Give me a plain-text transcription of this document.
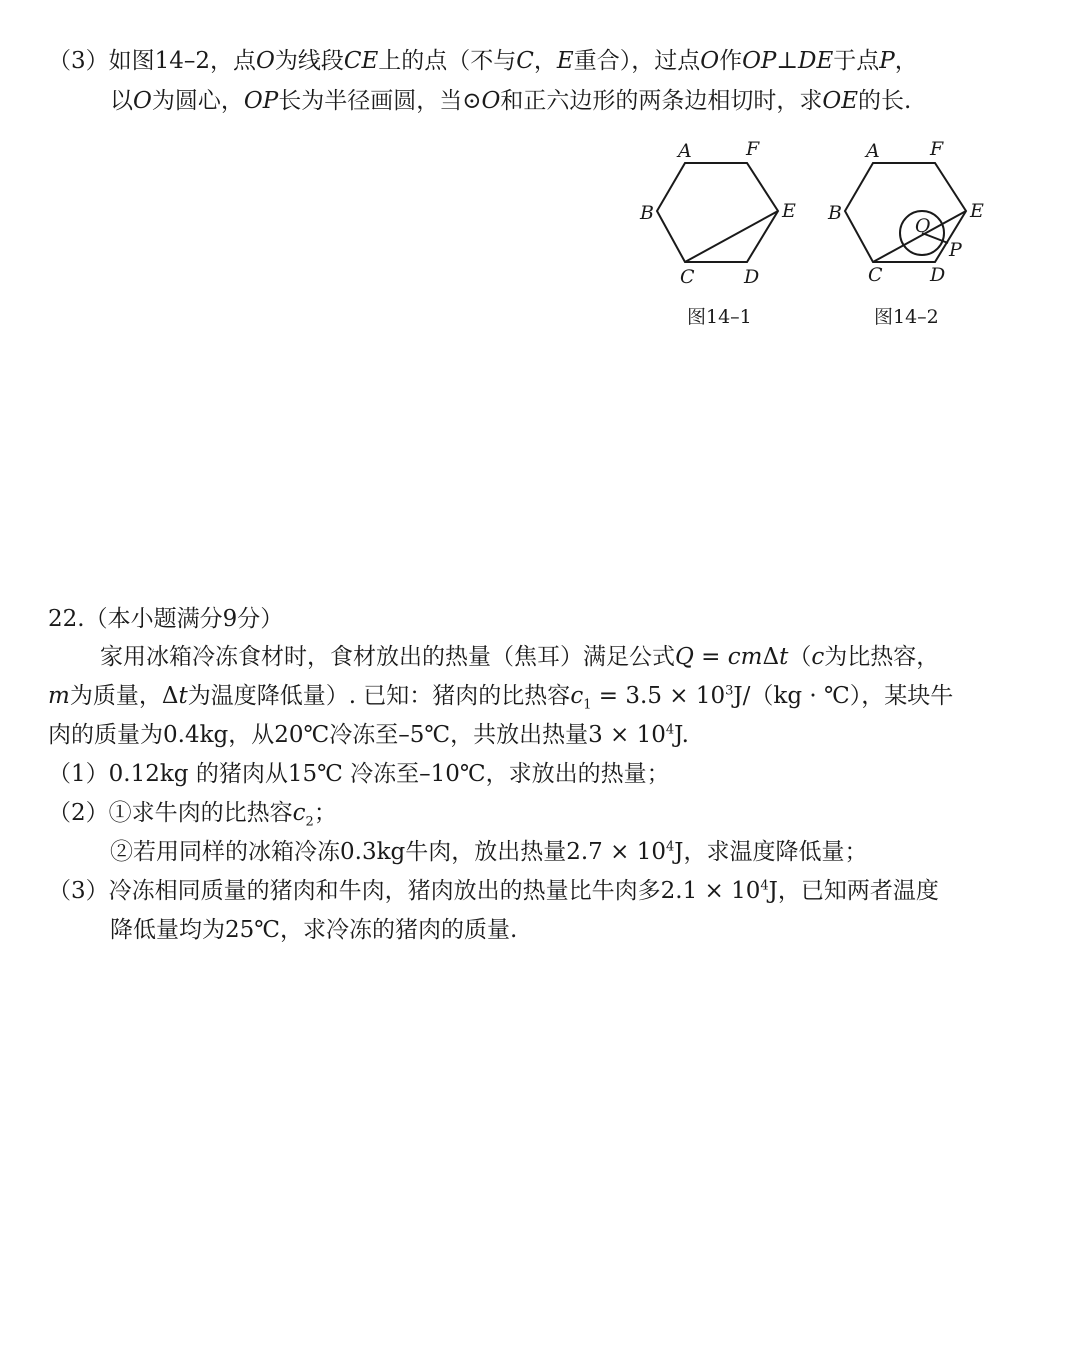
（3）如图14–2，点O为线段CE上的点（不与C，E重合），过点O作OP⊥DE于点P，
以O为圆心，OP长为半径画圆，当⊙O和正六边形的两条边相切时，求OE的长.
A	F
B	E
C	D
图14–1
A	F
B	E
O
P
C D
图14–2
22.（本小题满分9分）
家用冰箱冷冻食材时，食材放出的热量（焦耳）满足公式Q = cmΔt（c为比热容，
m为质量，Δt为温度降低量）. 已知：猪肉的比热容$c_1 = 3.5 \times 10^3J/(kg$ · ℃），某块牛
肉的质量为0.4kg，从20℃冷冻至–5℃，共放出热量$3 \times 10^4J$.
（1）0.12kg 的猪肉从15℃ 冷冻至–10℃，求放出的热量；
（2）①求牛肉的比热容$c_2$；
②若用同样的冰箱冷冻0.3kg牛肉，放出热量$2.7 \times 10^4J$，求温度降低量；
（3）冷冻相同质量的猪肉和牛肉，猪肉放出的热量比牛肉多$2.1 \times 10^4J$，已知两者温度
降低量均为25℃，求冷冻的猪肉的质量.
